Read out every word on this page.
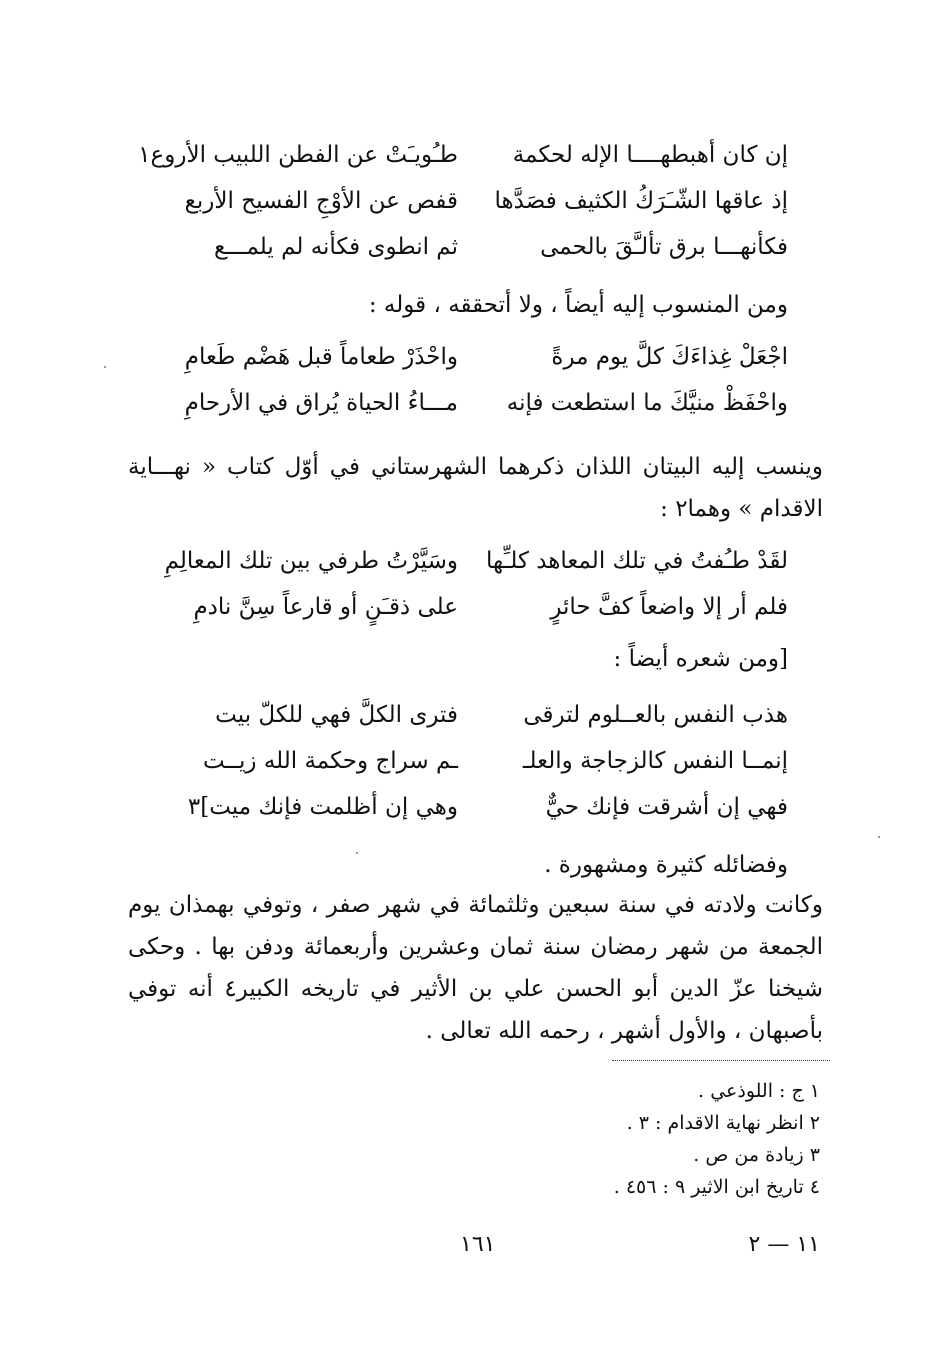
إن كان أهبطهــــا الإله لحكمة
طـُويـَتْ عن الفطن اللبيب الأروع١
إذ عاقها الشّـَرَكُ الكثيف فصَدَّها
قفص عن الأوْجِ الفسيح الأربع
فكأنهـــا برق تألـَّقَ بالحمى
ثم انطوى فكأنه لم يلمـــع
ومن المنسوب إليه أيضاً ، ولا أتحققه ، قوله :
اجْعَلْ غِذاءَكَ كلَّ يوم مرةً
واحْذَرْ طعاماً قبل هَضْم طَعامِ
واحْفَظْ منيَّكَ ما استطعت فإنه
مـــاءُ الحياة يُراق في الأرحامِ
وينسب إليه البيتان اللذان ذكرهما الشهرستاني في أوّل كتاب « نهـــاية الاقدام » وهما٢ :
لقَدْ طـُفتُ في تلك المعاهد كلـِّها
وسَيَّرْتُ طرفي بين تلك المعالِمِ
فلم أر إلا واضعاً كفَّ حائرٍ
على ذقـَنٍ أو قارعاً سِنَّ نادمِ
[ومن شعره أيضاً :
هذب النفس بالعــلوم لترقى
فترى الكلَّ فهي للكلّ بيت
إنمــا النفس كالزجاجة والعلـ
ـم سراج وحكمة الله زيــت
فهي إن أشرقت فإنك حيٌّ
وهي إن أظلمت فإنك ميت]٣
وفضائله كثيرة ومشهورة .
وكانت ولادته في سنة سبعين وثلثمائة في شهر صفر ، وتوفي بهمذان يوم الجمعة من شهر رمضان سنة ثمان وعشرين وأربعمائة ودفن بها . وحكى شيخنا عزّ الدين أبو الحسن علي بن الأثير في تاريخه الكبير٤ أنه توفي بأصبهان ، والأول أشهر ، رحمه الله تعالى .
١ ج : اللوذعي .
٢ انظر نهاية الاقدام : ٣ .
٣ زيادة من ص .
٤ تاريخ ابن الاثير ٩ : ٤٥٦ .
١٦١	١١ — ٢
